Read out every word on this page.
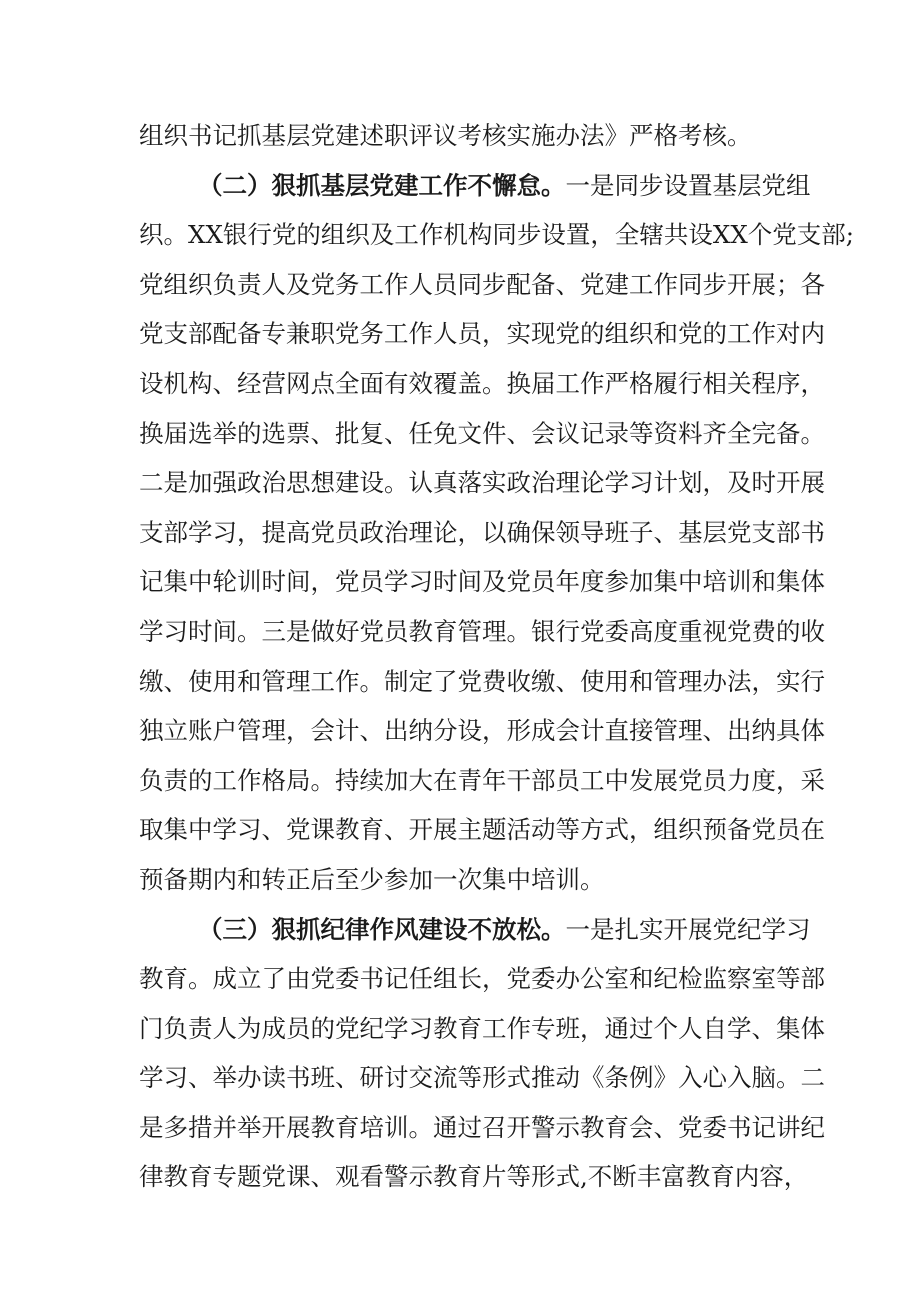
组织书记抓基层党建述职评议考核实施办法》严格考核。
（二）狠抓基层党建工作不懈怠。一是同步设置基层党组
织。XX银行党的组织及工作机构同步设置，全辖共设XX个党支部;
党组织负责人及党务工作人员同步配备、党建工作同步开展；各
党支部配备专兼职党务工作人员，实现党的组织和党的工作对内
设机构、经营网点全面有效覆盖。换届工作严格履行相关程序，
换届选举的选票、批复、任免文件、会议记录等资料齐全完备。
二是加强政治思想建设。认真落实政治理论学习计划，及时开展
支部学习，提高党员政治理论，以确保领导班子、基层党支部书
记集中轮训时间，党员学习时间及党员年度参加集中培训和集体
学习时间。三是做好党员教育管理。银行党委高度重视党费的收
缴、使用和管理工作。制定了党费收缴、使用和管理办法，实行
独立账户管理，会计、出纳分设，形成会计直接管理、出纳具体
负责的工作格局。持续加大在青年干部员工中发展党员力度，采
取集中学习、党课教育、开展主题活动等方式，组织预备党员在
预备期内和转正后至少参加一次集中培训。
（三）狠抓纪律作风建设不放松。一是扎实开展党纪学习
教育。成立了由党委书记任组长，党委办公室和纪检监察室等部
门负责人为成员的党纪学习教育工作专班，通过个人自学、集体
学习、举办读书班、研讨交流等形式推动《条例》入心入脑。二
是多措并举开展教育培训。通过召开警示教育会、党委书记讲纪
律教育专题党课、观看警示教育片等形式,不断丰富教育内容，
